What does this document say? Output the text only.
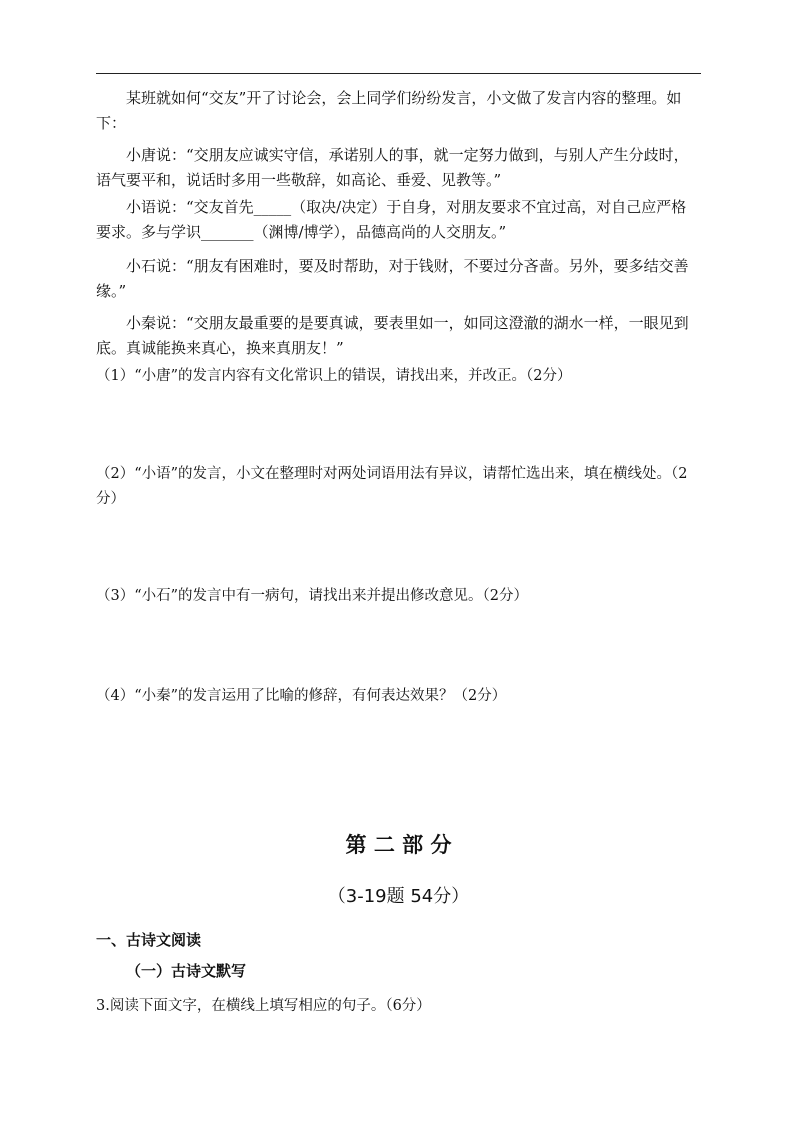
某班就如何“交友”开了讨论会，会上同学们纷纷发言，小文做了发言内容的整理。如下：

小唐说：“交朋友应诚实守信，承诺别人的事，就一定努力做到，与别人产生分歧时，语气要平和，说话时多用一些敬辞，如高论、垂爱、见教等。”

小语说：“交友首先_____（取决/决定）于自身，对朋友要求不宜过高，对自己应严格要求。多与学识_______（渊博/博学），品德高尚的人交朋友。”

小石说：“朋友有困难时，要及时帮助，对于钱财，不要过分吝啬。另外，要多结交善缘。”

小秦说：“交朋友最重要的是要真诚，要表里如一，如同这澄澈的湖水一样，一眼见到底。真诚能换来真心，换来真朋友！”

（1）“小唐”的发言内容有文化常识上的错误，请找出来，并改正。（2分）

（2）“小语”的发言，小文在整理时对两处词语用法有异议，请帮忙选出来，填在横线处。（2分）

（3）“小石”的发言中有一病句，请找出来并提出修改意见。（2分）

（4）“小秦”的发言运用了比喻的修辞，有何表达效果？（2分）

第 二 部 分

（3-19题 54分）

一、古诗文阅读

（一）古诗文默写

3.阅读下面文字，在横线上填写相应的句子。（6分）
